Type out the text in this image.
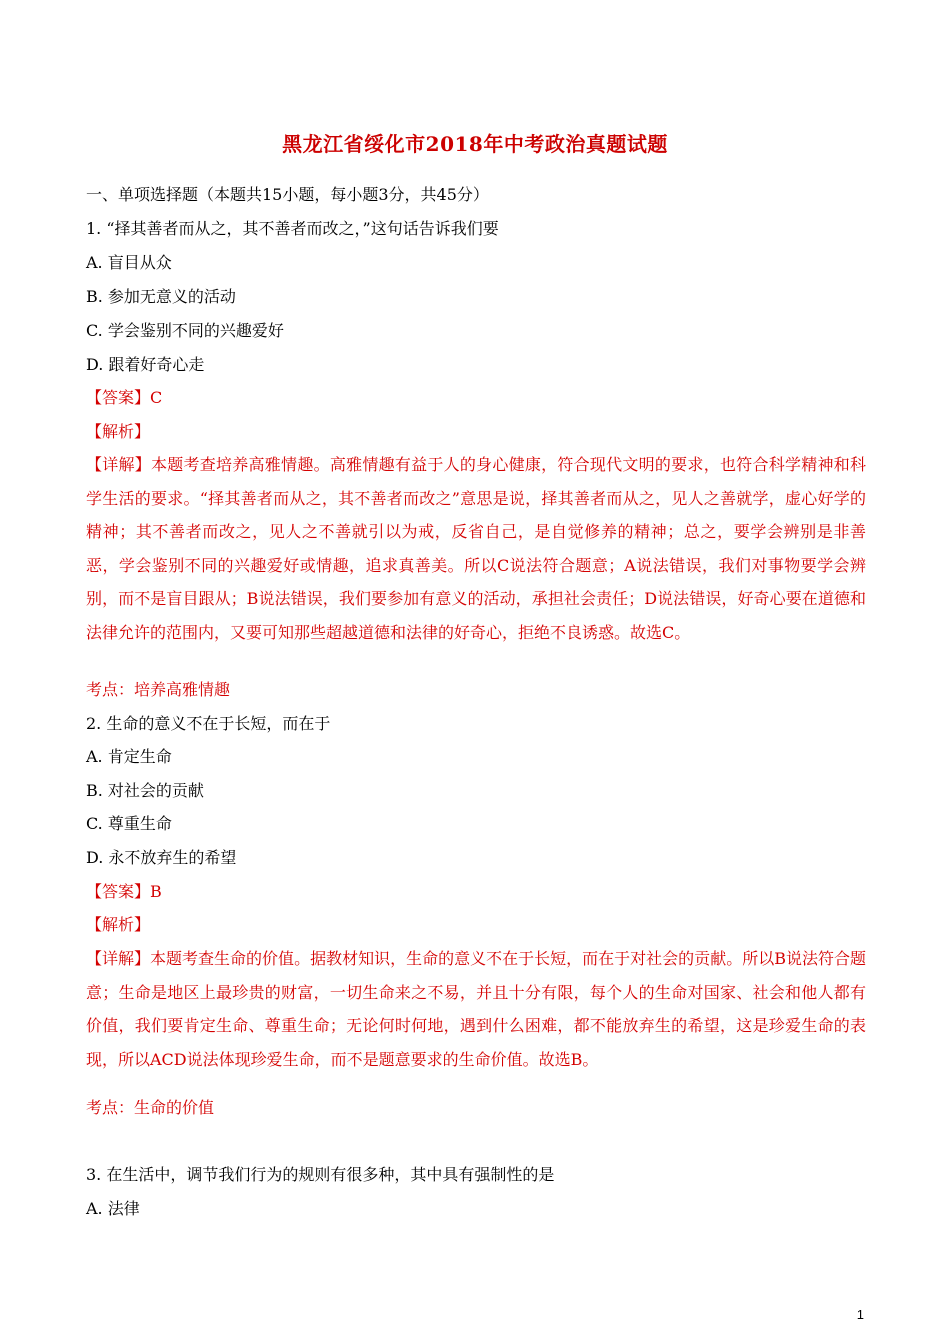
黑龙江省绥化市2018年中考政治真题试题
一、单项选择题（本题共15小题，每小题3分，共45分）
1. “择其善者而从之，其不善者而改之，”这句话告诉我们要
A. 盲目从众
B. 参加无意义的活动
C. 学会鉴别不同的兴趣爱好
D. 跟着好奇心走
【答案】C
【解析】
【详解】本题考查培养高雅情趣。高雅情趣有益于人的身心健康，符合现代文明的要求，也符合科学精神和科学生活的要求。“择其善者而从之，其不善者而改之”意思是说，择其善者而从之，见人之善就学，虚心好学的精神；其不善者而改之，见人之不善就引以为戒，反省自己，是自觉修养的精神；总之，要学会辨别是非善恶，学会鉴别不同的兴趣爱好或情趣，追求真善美。所以C说法符合题意；A说法错误，我们对事物要学会辨别，而不是盲目跟从；B说法错误，我们要参加有意义的活动，承担社会责任；D说法错误，好奇心要在道德和法律允许的范围内，又要可知那些超越道德和法律的好奇心，拒绝不良诱惑。故选C。
考点：培养高雅情趣
2. 生命的意义不在于长短，而在于
A. 肯定生命
B. 对社会的贡献
C. 尊重生命
D. 永不放弃生的希望
【答案】B
【解析】
【详解】本题考查生命的价值。据教材知识，生命的意义不在于长短，而在于对社会的贡献。所以B说法符合题意；生命是地区上最珍贵的财富，一切生命来之不易，并且十分有限，每个人的生命对国家、社会和他人都有价值，我们要肯定生命、尊重生命；无论何时何地，遇到什么困难，都不能放弃生的希望，这是珍爱生命的表现，所以ACD说法体现珍爱生命，而不是题意要求的生命价值。故选B。
考点：生命的价值
3. 在生活中，调节我们行为的规则有很多种，其中具有强制性的是
A. 法律
1
